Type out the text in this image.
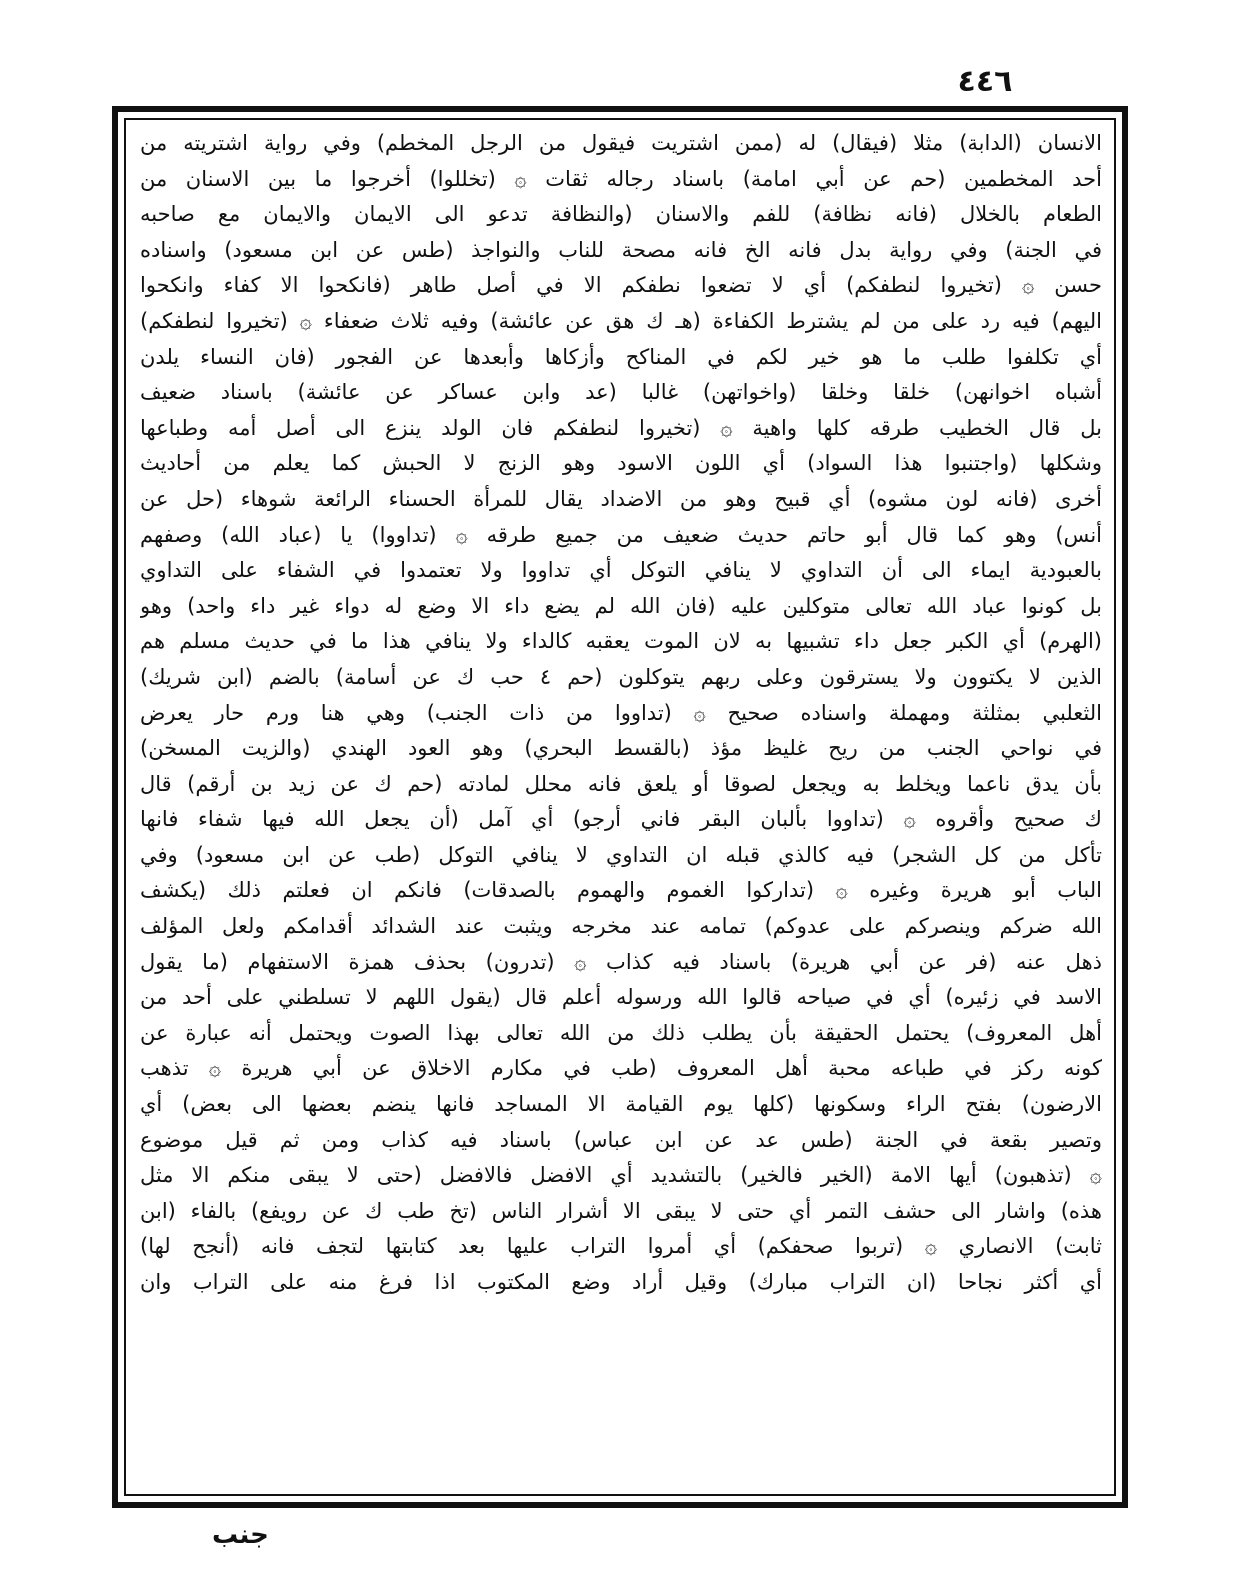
٤٤٦
الانسان (الدابة) مثلا (فيقال) له (ممن اشتريت فيقول من الرجل المخطم) وفي رواية اشتريته من
أحد المخطمين (حم عن أبي امامة) باسناد رجاله ثقات ۞ (تخللوا) أخرجوا ما بين الاسنان من
الطعام بالخلال (فانه نظافة) للفم والاسنان (والنظافة تدعو الى الايمان والايمان مع صاحبه
في الجنة) وفي رواية بدل فانه الخ فانه مصحة للناب والنواجذ (طس عن ابن مسعود) واسناده
حسن ۞ (تخيروا لنطفكم) أي لا تضعوا نطفكم الا في أصل طاهر (فانكحوا الا كفاء وانكحوا
اليهم) فيه رد على من لم يشترط الكفاءة (هـ ك هق عن عائشة) وفيه ثلاث ضعفاء ۞ (تخيروا لنطفكم)
أي تكلفوا طلب ما هو خير لكم في المناكح وأزكاها وأبعدها عن الفجور (فان النساء يلدن
أشباه اخوانهن) خلقا وخلقا (واخواتهن) غالبا (عد وابن عساكر عن عائشة) باسناد ضعيف
بل قال الخطيب طرقه كلها واهية ۞ (تخيروا لنطفكم فان الولد ينزع الى أصل أمه وطباعها
وشكلها (واجتنبوا هذا السواد) أي اللون الاسود وهو الزنج لا الحبش كما يعلم من أحاديث
أخرى (فانه لون مشوه) أي قبيح وهو من الاضداد يقال للمرأة الحسناء الرائعة شوهاء (حل عن
أنس) وهو كما قال أبو حاتم حديث ضعيف من جميع طرقه ۞ (تداووا) يا (عباد الله) وصفهم
بالعبودية ايماء الى أن التداوي لا ينافي التوكل أي تداووا ولا تعتمدوا في الشفاء على التداوي
بل كونوا عباد الله تعالى متوكلين عليه (فان الله لم يضع داء الا وضع له دواء غير داء واحد) وهو
(الهرم) أي الكبر جعل داء تشبيها به لان الموت يعقبه كالداء ولا ينافي هذا ما في حديث مسلم هم
الذين لا يكتوون ولا يسترقون وعلى ربهم يتوكلون (حم ٤ حب ك عن أسامة) بالضم (ابن شريك)
الثعلبي بمثلثة ومهملة واسناده صحيح ۞ (تداووا من ذات الجنب) وهي هنا ورم حار يعرض
في نواحي الجنب من ريح غليظ مؤذ (بالقسط البحري) وهو العود الهندي (والزيت المسخن)
بأن يدق ناعما ويخلط به ويجعل لصوقا أو يلعق فانه محلل لمادته (حم ك عن زيد بن أرقم) قال
ك صحيح وأقروه ۞ (تداووا بألبان البقر فاني أرجو) أي آمل (أن يجعل الله فيها شفاء فانها
تأكل من كل الشجر) فيه كالذي قبله ان التداوي لا ينافي التوكل (طب عن ابن مسعود) وفي
الباب أبو هريرة وغيره ۞ (تداركوا الغموم والهموم بالصدقات) فانكم ان فعلتم ذلك (يكشف
الله ضركم وينصركم على عدوكم) تمامه عند مخرجه ويثبت عند الشدائد أقدامكم ولعل المؤلف
ذهل عنه (فر عن أبي هريرة) باسناد فيه كذاب ۞ (تدرون) بحذف همزة الاستفهام (ما يقول
الاسد في زئيره) أي في صياحه قالوا الله ورسوله أعلم قال (يقول اللهم لا تسلطني على أحد من
أهل المعروف) يحتمل الحقيقة بأن يطلب ذلك من الله تعالى بهذا الصوت ويحتمل أنه عبارة عن
كونه ركز في طباعه محبة أهل المعروف (طب في مكارم الاخلاق عن أبي هريرة ۞ تذهب
الارضون) بفتح الراء وسكونها (كلها يوم القيامة الا المساجد فانها ينضم بعضها الى بعض) أي
وتصير بقعة في الجنة (طس عد عن ابن عباس) باسناد فيه كذاب ومن ثم قيل موضوع
۞ (تذهبون) أيها الامة (الخير فالخير) بالتشديد أي الافضل فالافضل (حتى لا يبقى منكم الا مثل
هذه) واشار الى حشف التمر أي حتى لا يبقى الا أشرار الناس (تخ طب ك عن رويفع) بالفاء (ابن
ثابت) الانصاري ۞ (تربوا صحفكم) أي أمروا التراب عليها بعد كتابتها لتجف فانه (أنجح لها)
أي أكثر نجاحا (ان التراب مبارك) وقيل أراد وضع المكتوب اذا فرغ منه على التراب وان
جنب
